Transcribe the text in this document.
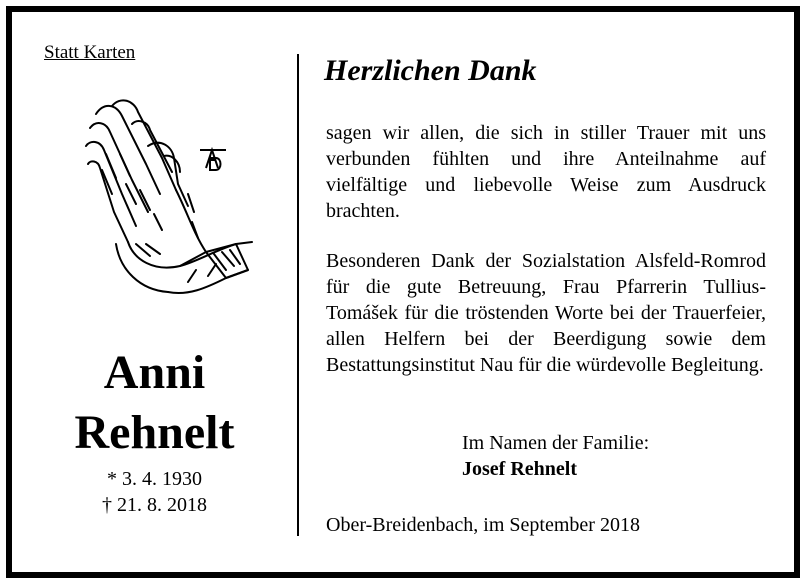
Statt Karten
Anni
Rehnelt
* 3. 4. 1930
† 21. 8. 2018
Herzlichen Dank
sagen wir allen, die sich in stiller Trauer mit uns verbunden fühlten und ihre Anteilnahme auf vielfältige und liebevolle Weise zum Ausdruck brachten.
Besonderen Dank der Sozialstation Alsfeld-Romrod für die gute Betreuung, Frau Pfarrerin Tullius-Tomášek für die tröstenden Worte bei der Trauerfeier, allen Helfern bei der Beerdigung sowie dem Bestattungsinstitut Nau für die würdevolle Begleitung.
Im Namen der Familie:
Josef Rehnelt
Ober-Breidenbach, im September 2018
